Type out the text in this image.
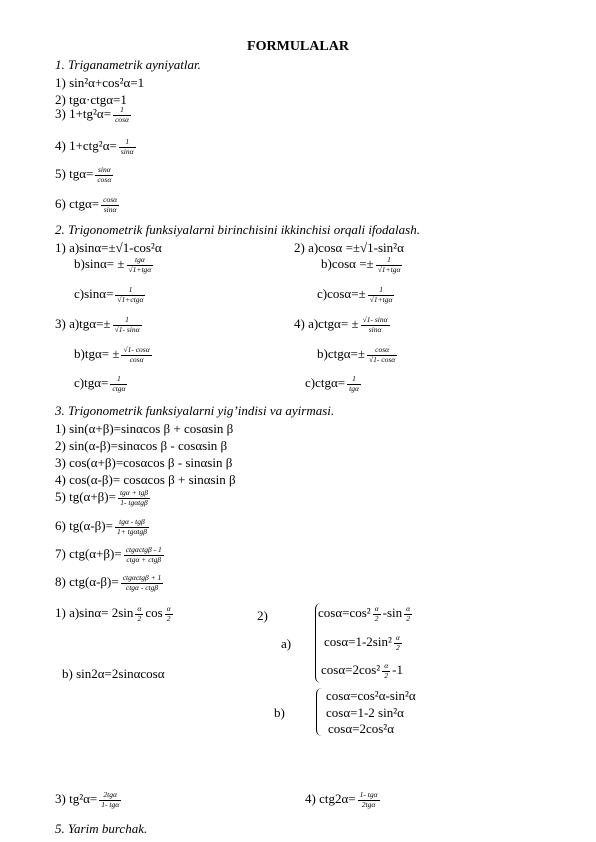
FORMULALAR
1. Triganametrik ayniyatlar.
1) sin²α+cos²α=1
2) tgα·ctgα=1
3) $1+tg^2\alpha= \frac{1}{\cos\alpha}$
4) $1+ctg^2\alpha= \frac{1}{\sin\alpha}$
5) $tg\alpha= \frac{\sin\alpha}{\cos\alpha}$
6) $ctg\alpha= \frac{\cos\alpha}{\sin\alpha}$
2. Trigonometrik funksiyalarni birinchisini ikkinchisi orqali ifodalash.
1) a)sinα=±√1-cos²α	2) a)cosα =±√1-sin²α
$b)\sin\alpha= \pm \frac{\text{tgα}}{\text{√1+tgα}}$	$b)\cos\alpha =\pm \frac{1}{\text{√1+tgα}}$
$c)\sin\alpha= \frac{1}{\text{√1+ctgα}}$	$c)\cos\alpha=\pm \frac{1}{\text{√1+tgα}}$
3) $a)tg\alpha=\pm \frac{1}{√1- \sin\alpha}$	4) $a)ctg\alpha= \pm \frac{√1- \sin\alpha}{\sin\alpha}$
$b)tg\alpha= \pm \frac{√1- \cos\alpha}{\cos\alpha}$	$b)ctg\alpha=\pm \frac{\cos\alpha}{√1- \cos\alpha}$
$c)tg\alpha= \frac{1}{\text{ctgα}}$	$c)ctg\alpha= \frac{1}{\text{tgα}}$
3. Trigonometrik funksiyalarni yig’indisi va ayirmasi.
1) sin(α+β)=sinαcos β + cosαsin β
2) sin(α-β)=sinαcos β - cosαsin β
3) cos(α+β)=cosαcos β - sinαsin β
4) cos(α-β)= cosαcos β + sinαsin β
5) $tg(\alpha+\beta)= \frac{\text{tgα + tgβ}}{\text{1- tgαtgβ}}$
6) $tg(\alpha-\beta)= \frac{\text{tgα - tgβ}}{\text{1+ tgαtgβ}}$
7) $ctg(\alpha+\beta)= \frac{\text{ctgαctgβ - 1}}{\text{ctgα + ctgβ}}$
8) $ctg(\alpha-\beta)= \frac{\text{ctgαctgβ + 1}}{\text{ctgα - ctgβ}}$
1) $a)\sin\alpha= 2\sin \frac{\alpha}{2}$ $\cos \frac{\alpha}{2}$
b) sin2α=2sinαcosα
2)
a)
$\cos\alpha=\cos^2 \frac{\alpha}{2} -\sin \frac{\alpha}{2}$
$\cos\alpha=1-2\sin^2 \frac{\alpha}{2}$
$\cos\alpha=2\cos^2 \frac{\alpha}{2} -1$
b)
cosα=cos²α-sin²α
cosα=1-2 sin²α
cosα=2cos²α
3) $tg^2\alpha= \frac{\text{2tgα}}{\text{1- tgα}}$	4) $ctg2\alpha= \frac{\text{1- tgα}}{\text{2tgα}}$
5. Yarim burchak.
